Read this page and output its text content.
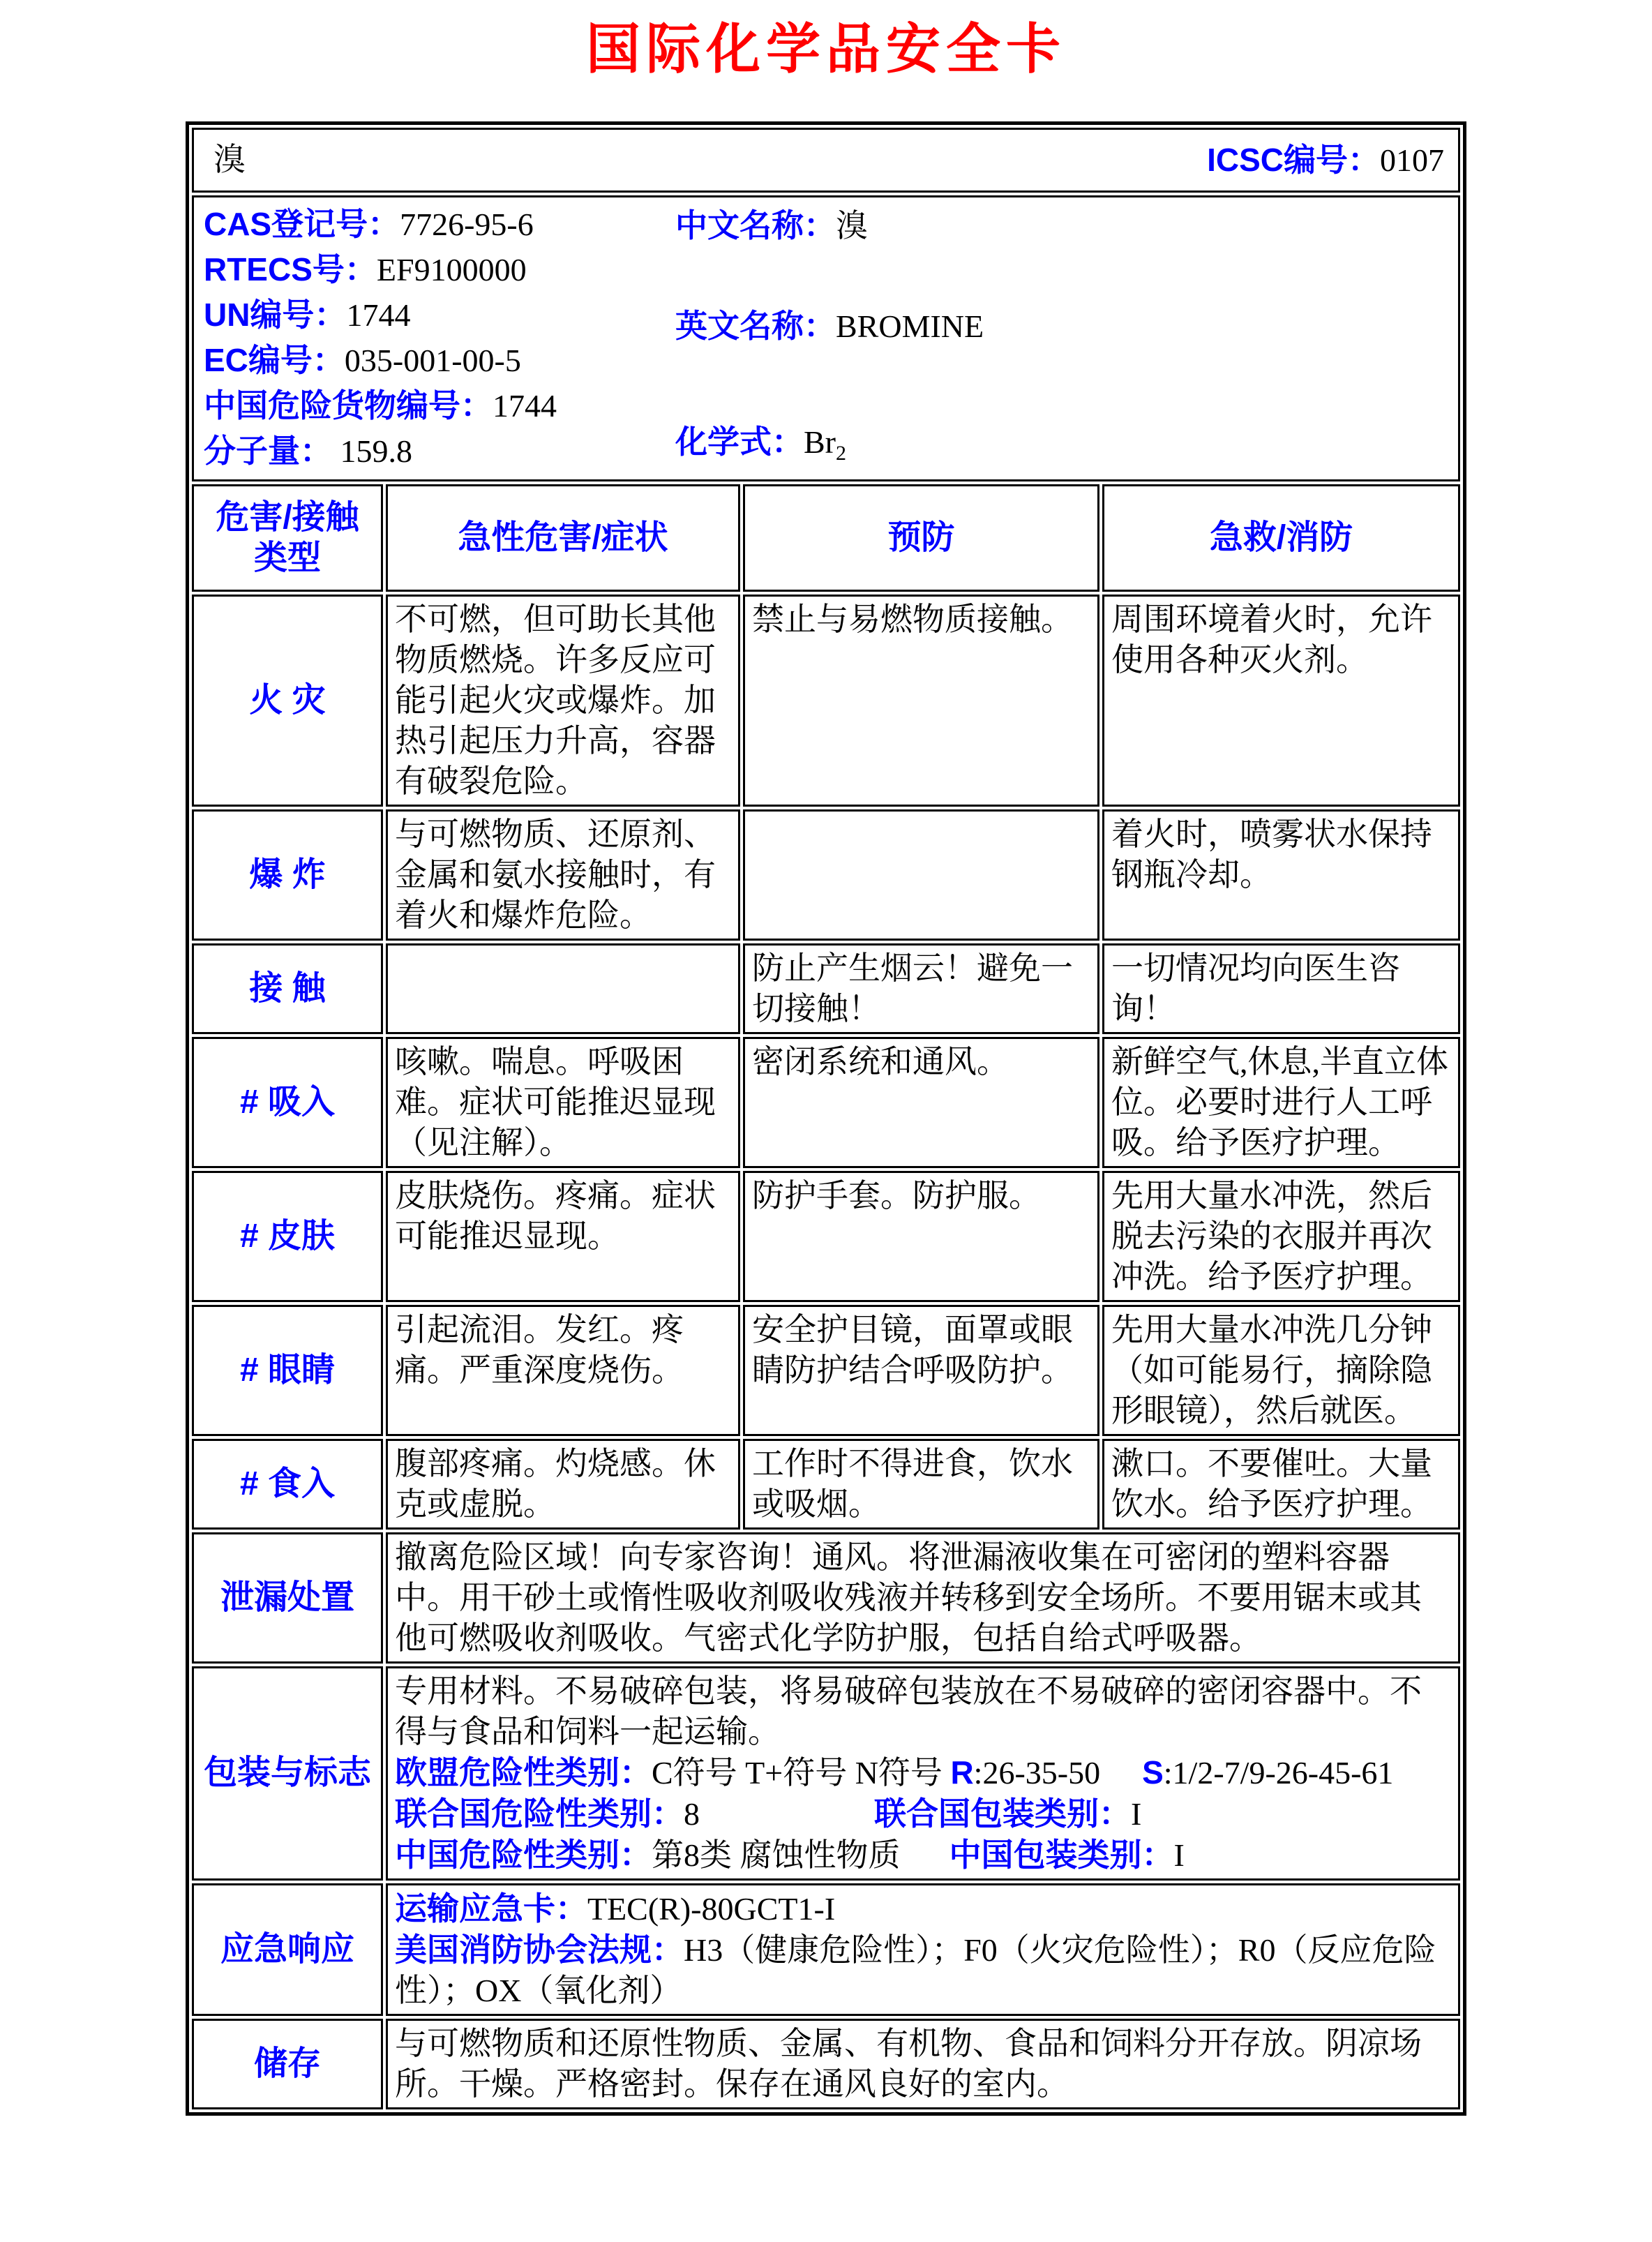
国际化学品安全卡
溴 ICSC编号：0107			

CAS登记号：7726-95-6
RTECS号：EF9100000
UN编号：1744
EC编号：035-001-00-5
中国危险货物编号：1744
分子量： 159.8
中文名称：溴
英文名称：BROMINE
化学式：$Br_2$

危害/接触类型	急性危害/症状	预防	急救/消防
火 灾	不可燃，但可助长其他物质燃烧。许多反应可能引起火灾或爆炸。加热引起压力升高，容器有破裂危险。	禁止与易燃物质接触。	周围环境着火时，允许使用各种灭火剂。
爆 炸	与可燃物质、还原剂、金属和氨水接触时，有着火和爆炸危险。		着火时，喷雾状水保持钢瓶冷却。
接 触		防止产生烟云！避免一切接触！	一切情况均向医生咨询！
# 吸入	咳嗽。喘息。呼吸困难。症状可能推迟显现（见注解）。	密闭系统和通风。	新鲜空气,休息,半直立体位。必要时进行人工呼吸。给予医疗护理。
# 皮肤	皮肤烧伤。疼痛。症状可能推迟显现。	防护手套。防护服。	先用大量水冲洗，然后脱去污染的衣服并再次冲洗。给予医疗护理。
# 眼睛	引起流泪。发红。疼痛。严重深度烧伤。	安全护目镜，面罩或眼睛防护结合呼吸防护。	先用大量水冲洗几分钟（如可能易行，摘除隐形眼镜），然后就医。
# 食入	腹部疼痛。灼烧感。休克或虚脱。	工作时不得进食，饮水或吸烟。	漱口。不要催吐。大量饮水。给予医疗护理。
泄漏处置	撤离危险区域！向专家咨询！通风。将泄漏液收集在可密闭的塑料容器中。用干砂土或惰性吸收剂吸收残液并转移到安全场所。不要用锯末或其他可燃吸收剂吸收。气密式化学防护服，包括自给式呼吸器。		
包装与标志	专用材料。不易破碎包装，将易破碎包装放在不易破碎的密闭容器中。不得与食品和饲料一起运输。
欧盟危险性类别：C符号 T+符号 N符号 R:26-35-50 S:1/2-7/9-26-45-61
联合国危险性类别：8 联合国包装类别：I
中国危险性类别：第8类 腐蚀性物质 中国包装类别：I		

应急响应	运输应急卡：TEC(R)-80GCT1-I
美国消防协会法规：H3（健康危险性）；F0（火灾危险性）；R0（反应危险性）；OX（氧化剂）		

储存	与可燃物质和还原性物质、金属、有机物、食品和饲料分开存放。阴凉场所。干燥。严格密封。保存在通风良好的室内。		
